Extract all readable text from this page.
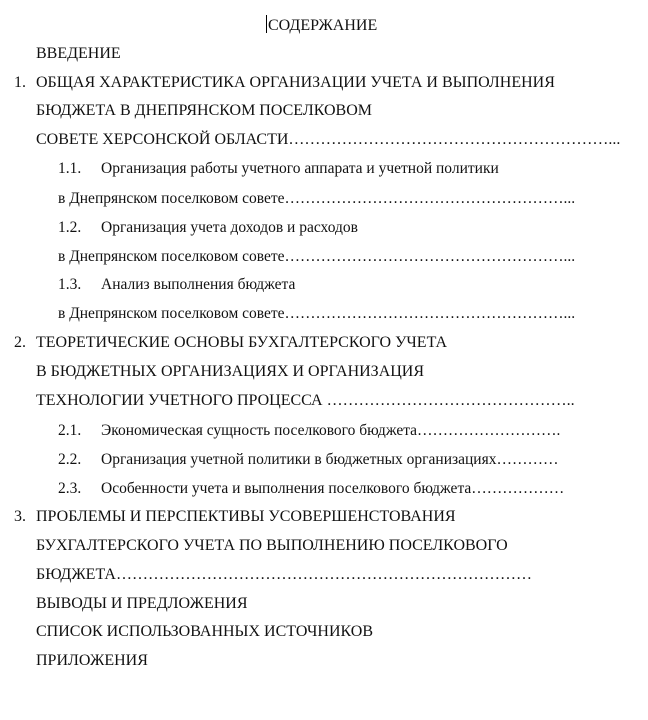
СОДЕРЖАНИЕ
ВВЕДЕНИЕ
1. ОБЩАЯ ХАРАКТЕРИСТИКА ОРГАНИЗАЦИИ УЧЕТА И ВЫПОЛНЕНИЯ
БЮДЖЕТА В ДНЕПРЯНСКОМ ПОСЕЛКОВОМ
СОВЕТЕ ХЕРСОНСКОЙ ОБЛАСТИ……………………………………………………...
1.1. Организация работы учетного аппарата и учетной политики
в Днепрянском поселковом совете………………………………………………...
1.2. Организация учета доходов и расходов
в Днепрянском поселковом совете………………………………………………...
1.3. Анализ выполнения бюджета
в Днепрянском поселковом совете………………………………………………...
2. ТЕОРЕТИЧЕСКИЕ ОСНОВЫ БУХГАЛТЕРСКОГО УЧЕТА
В БЮДЖЕТНЫХ ОРГАНИЗАЦИЯХ И ОРГАНИЗАЦИЯ
ТЕХНОЛОГИИ УЧЕТНОГО ПРОЦЕССА ………………………………………..
2.1. Экономическая сущность поселкового бюджета……………………….
2.2. Организация учетной политики в бюджетных организациях…………
2.3. Особенности учета и выполнения поселкового бюджета………………
3. ПРОБЛЕМЫ И ПЕРСПЕКТИВЫ УСОВЕРШЕНСТОВАНИЯ
БУХГАЛТЕРСКОГО УЧЕТА ПО ВЫПОЛНЕНИЮ ПОСЕЛКОВОГО
БЮДЖЕТА……………………………………………………………………
ВЫВОДЫ И ПРЕДЛОЖЕНИЯ
СПИСОК ИСПОЛЬЗОВАННЫХ ИСТОЧНИКОВ
ПРИЛОЖЕНИЯ
